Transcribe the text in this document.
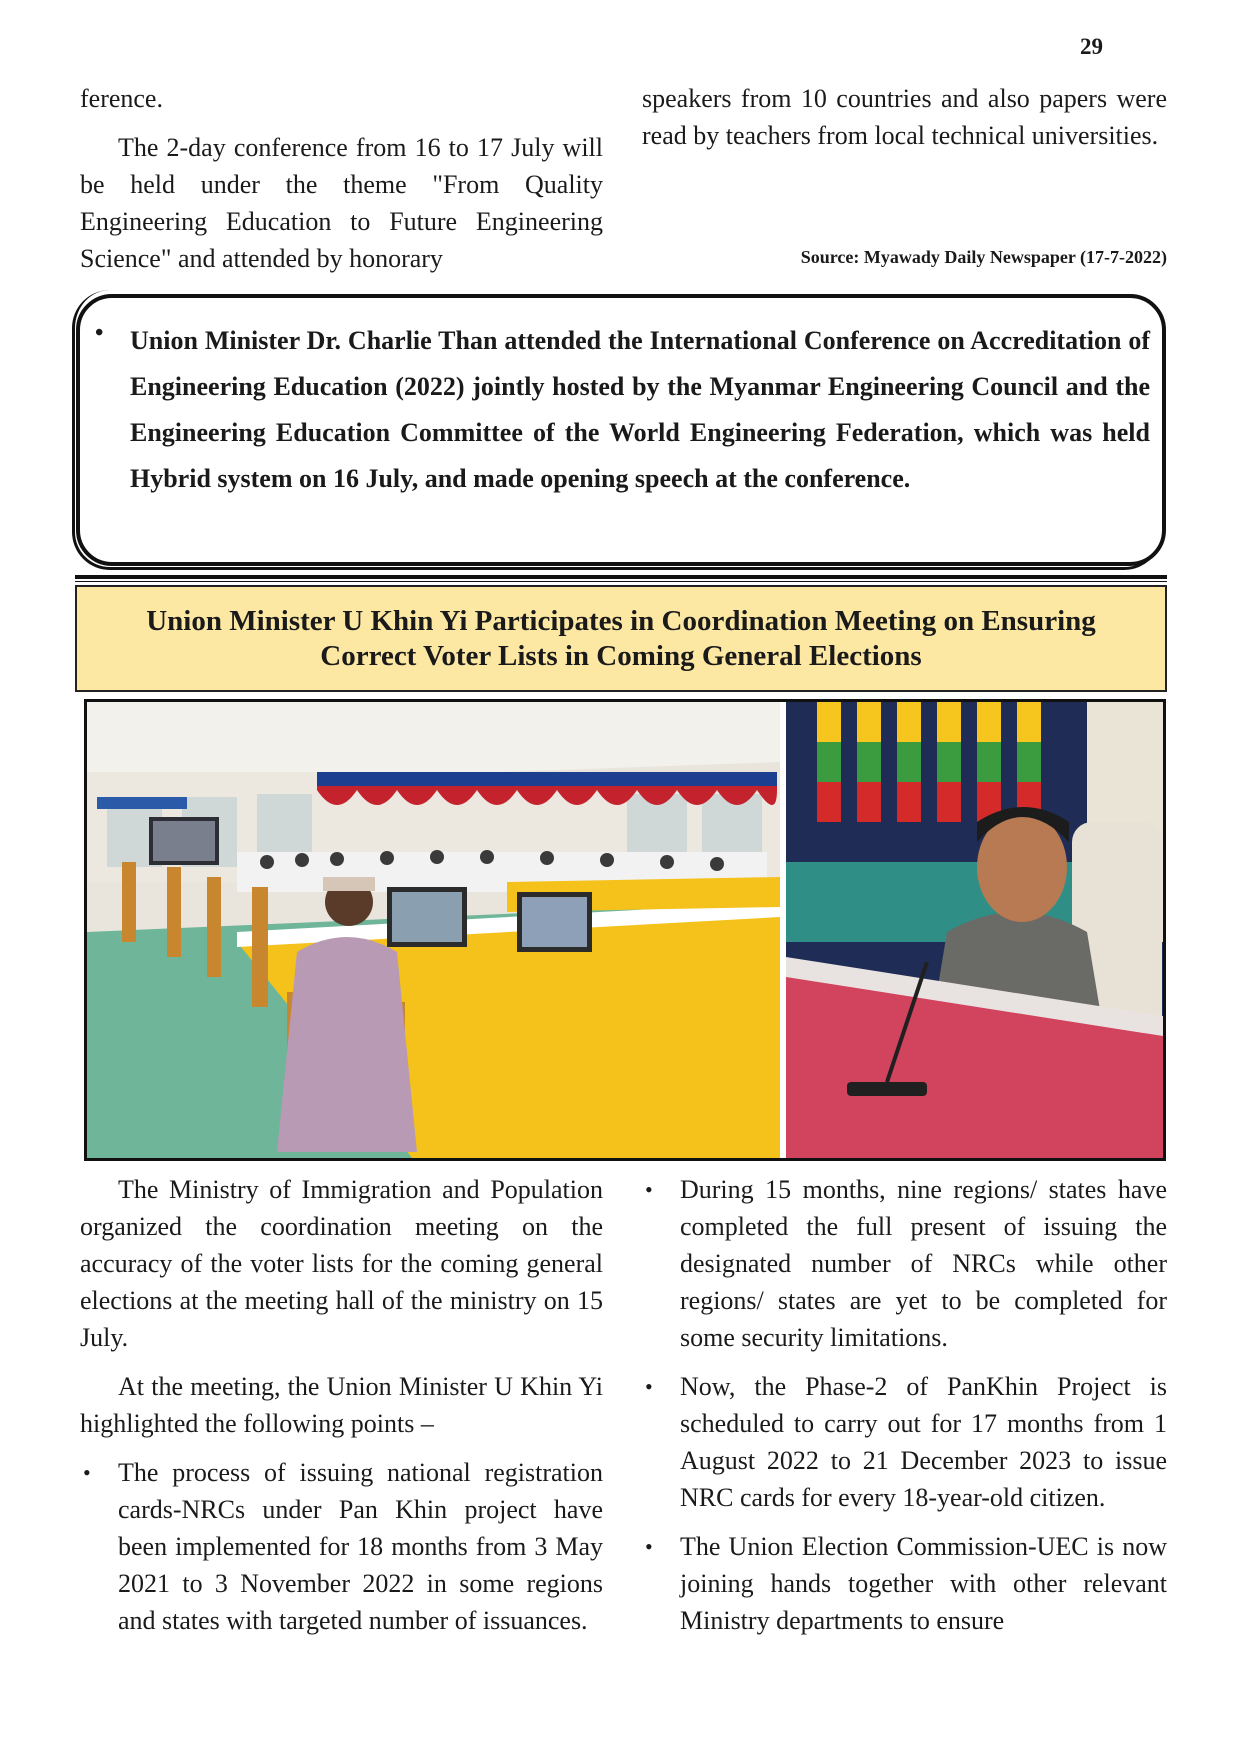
29

ference.

The 2-day conference from 16 to 17 July will be held under the theme "From Quality Engineering Education to Future Engineering Science" and attended by honorary

speakers from 10 countries and also papers were read by teachers from local technical universities.

Source: Myawady Daily Newspaper (17-7-2022)
• Union Minister Dr. Charlie Than attended the International Conference on Accreditation of Engineering Education (2022) jointly hosted by the Myanmar Engineering Council and the Engineering Education Committee of the World Engineering Federation, which was held Hybrid system on 16 July, and made opening speech at the conference.
Union Minister U Khin Yi Participates in Coordination Meeting on Ensuring
Correct Voter Lists in Coming General Elections

The Ministry of Immigration and Population organized the coordination meeting on the accuracy of the voter lists for the coming general elections at the meeting hall of the ministry on 15 July.

At the meeting, the Union Minister U Khin Yi highlighted the following points –

• The process of issuing national registration cards-NRCs under Pan Khin project have been implemented for 18 months from 3 May 2021 to 3 November 2022 in some regions and states with targeted number of issuances.
• During 15 months, nine regions/ states have completed the full present of issuing the designated number of NRCs while other regions/ states are yet to be completed for some security limitations.
• Now, the Phase-2 of PanKhin Project is scheduled to carry out for 17 months from 1 August 2022 to 21 December 2023 to issue NRC cards for every 18-year-old citizen.
• The Union Election Commission-UEC is now joining hands together with other relevant Ministry departments to ensure
